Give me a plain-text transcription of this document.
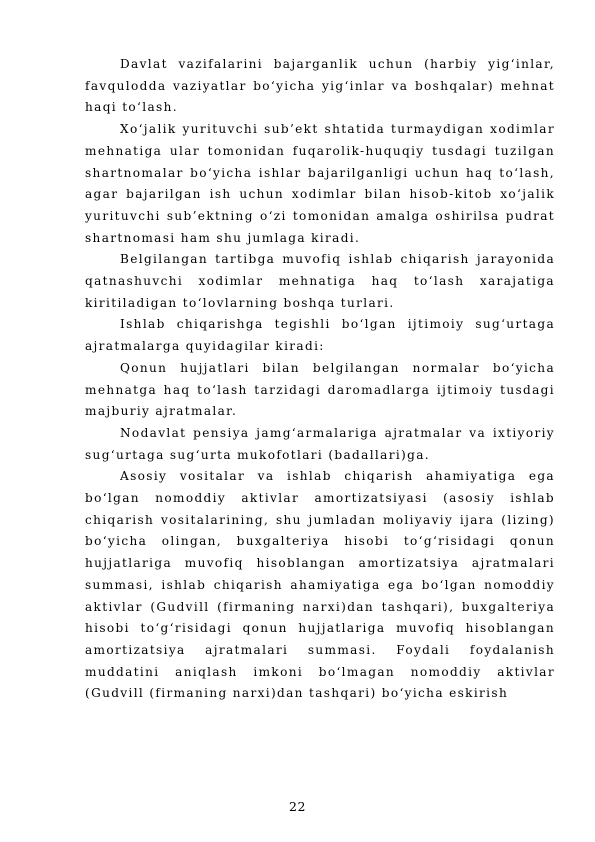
Davlat vazifalarini bajarganlik uchun (harbiy yig‘inlar, favqulodda vaziyatlar bo‘yicha yig‘inlar va boshqalar) mehnat haqi to‘lash.

Xo‘jalik yurituvchi sub’ekt shtatida turmaydigan xodimlar mehnatiga ular tomonidan fuqarolik-huquqiy tusdagi tuzilgan shartnomalar bo‘yicha ishlar bajarilganligi uchun haq to‘lash, agar bajarilgan ish uchun xodimlar bilan hisob-kitob xo‘jalik yurituvchi sub’ektning o‘zi tomonidan amalga oshirilsa pudrat shartnomasi ham shu jumlaga kiradi.

Belgilangan tartibga muvofiq ishlab chiqarish jarayonida qatnashuvchi xodimlar mehnatiga haq to‘lash xarajatiga kiritiladigan to‘lovlarning boshqa turlari.

Ishlab chiqarishga tegishli bo‘lgan ijtimoiy sug‘urtaga ajratmalarga quyidagilar kiradi:

Qonun hujjatlari bilan belgilangan normalar bo‘yicha mehnatga haq to‘lash tarzidagi daromadlarga ijtimoiy tusdagi majburiy ajratmalar.

Nodavlat pensiya jamg‘armalariga ajratmalar va ixtiyoriy sug‘urtaga sug‘urta mukofotlari (badallari)ga.

Asosiy vositalar va ishlab chiqarish ahamiyatiga ega bo‘lgan nomoddiy aktivlar amortizatsiyasi (asosiy ishlab chiqarish vositalarining, shu jumladan moliyaviy ijara (lizing) bo‘yicha olingan, buxgalteriya hisobi to‘g‘risidagi qonun hujjatlariga muvofiq hisoblangan amortizatsiya ajratmalari summasi, ishlab chiqarish ahamiyatiga ega bo‘lgan nomoddiy aktivlar (Gudvill (firmaning narxi)dan tashqari), buxgalteriya hisobi to‘g‘risidagi qonun hujjatlariga muvofiq hisoblangan amortizatsiya ajratmalari summasi. Foydali foydalanish muddatini aniqlash imkoni bo‘lmagan nomoddiy aktivlar (Gudvill (firmaning narxi)dan tashqari) bo‘yicha eskirish

22
